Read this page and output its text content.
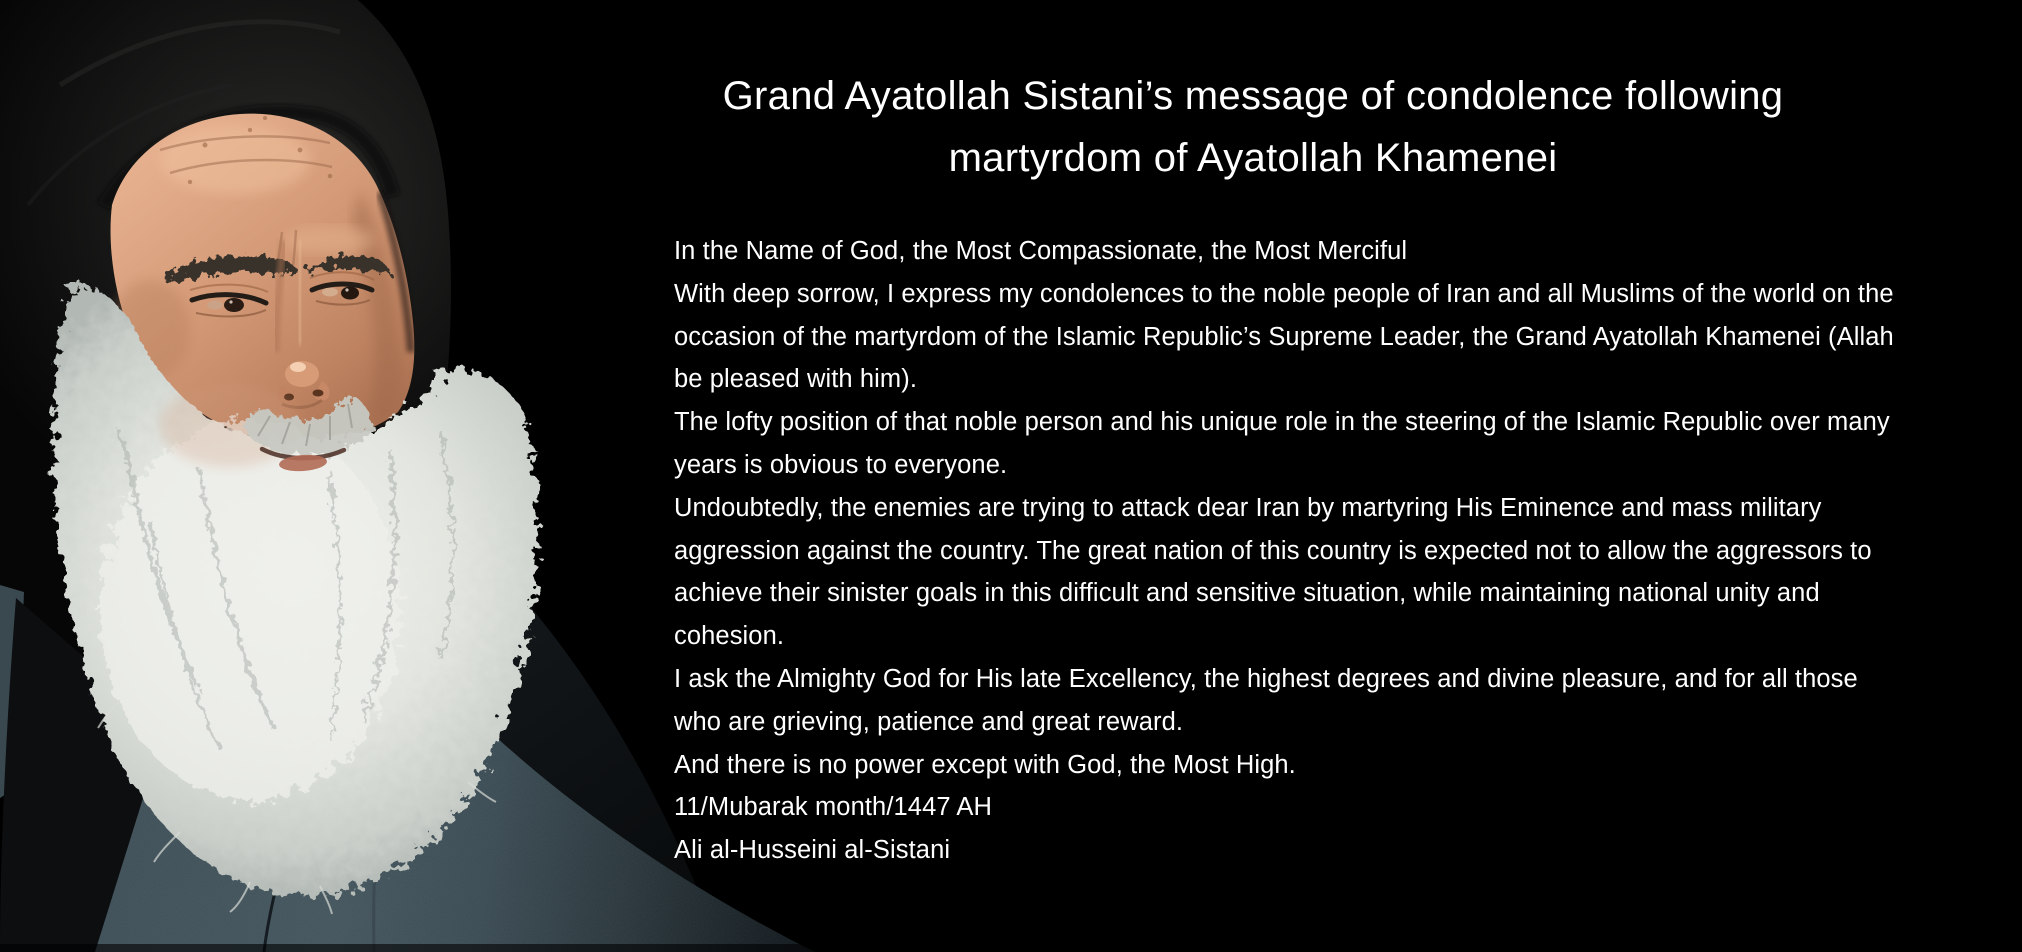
Grand Ayatollah Sistani’s message of condolence following
martyrdom of Ayatollah Khamenei
In the Name of God, the Most Compassionate, the Most Merciful
With deep sorrow, I express my condolences to the noble people of Iran and all Muslims of the world on the
occasion of the martyrdom of the Islamic Republic’s Supreme Leader, the Grand Ayatollah Khamenei (Allah
be pleased with him).
The lofty position of that noble person and his unique role in the steering of the Islamic Republic over many
years is obvious to everyone.
Undoubtedly, the enemies are trying to attack dear Iran by martyring His Eminence and mass military
aggression against the country. The great nation of this country is expected not to allow the aggressors to
achieve their sinister goals in this difficult and sensitive situation, while maintaining national unity and
cohesion.
I ask the Almighty God for His late Excellency, the highest degrees and divine pleasure, and for all those
who are grieving, patience and great reward.
And there is no power except with God, the Most High.
11/Mubarak month/1447 AH
Ali al-Husseini al-Sistani
